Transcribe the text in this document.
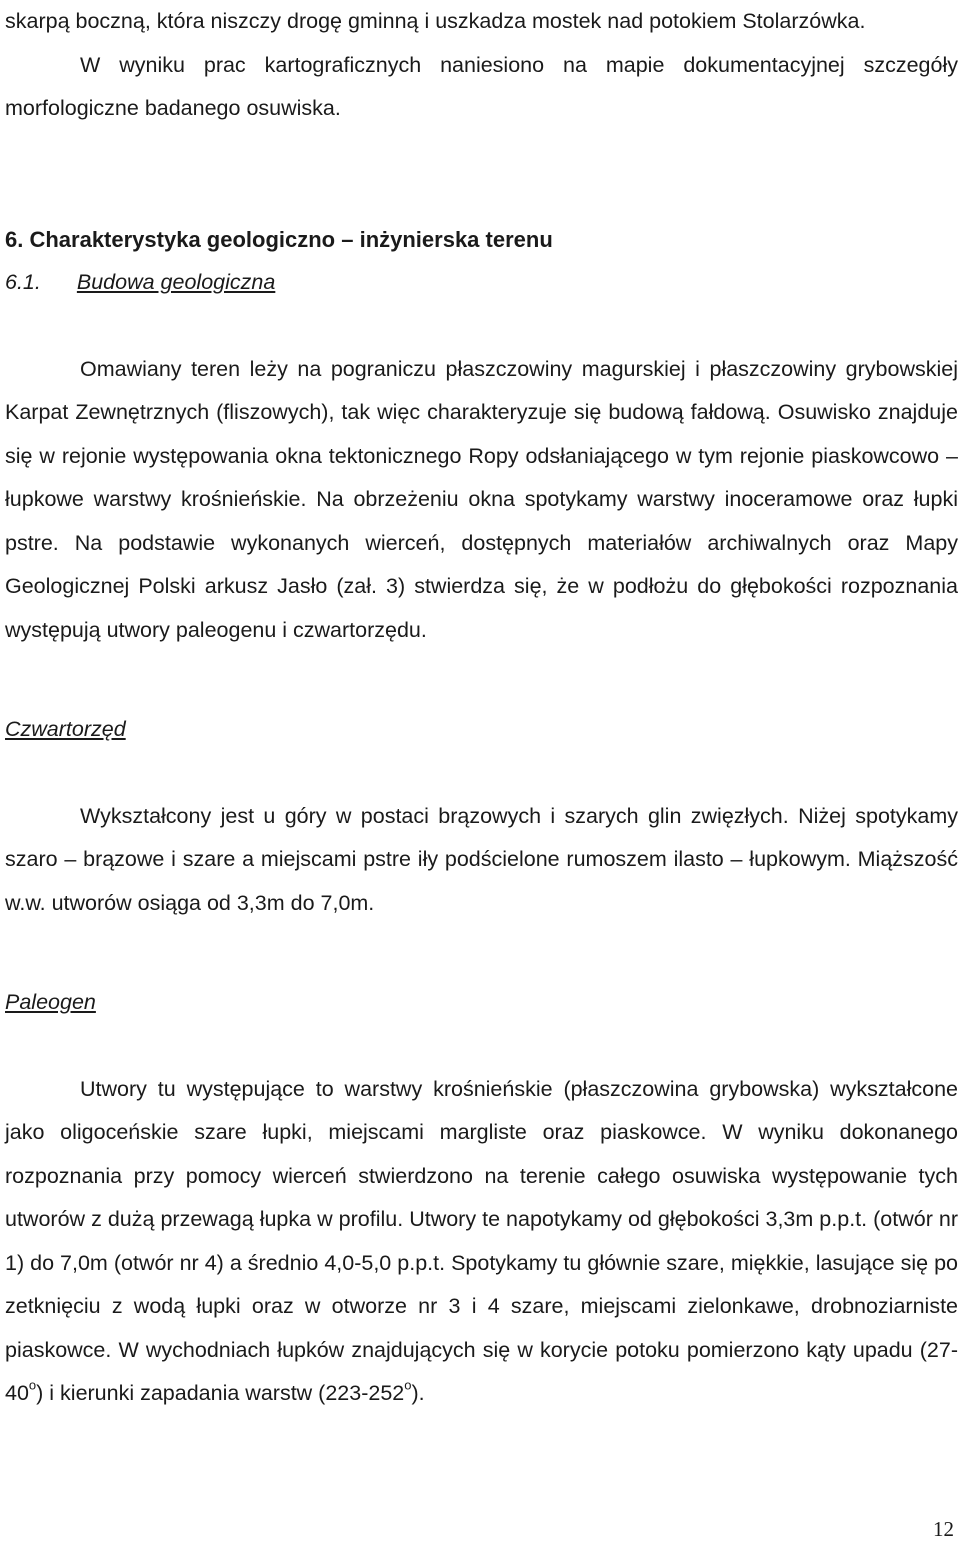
skarpą boczną, która niszczy drogę gminną i uszkadza mostek nad potokiem Stolarzówka.

W wyniku prac kartograficznych naniesiono na mapie dokumentacyjnej szczegóły morfologiczne badanego osuwiska.

6. Charakterystyka geologiczno – inżynierska terenu
6.1. Budowa geologiczna

Omawiany teren leży na pograniczu płaszczowiny magurskiej i płaszczowiny grybowskiej Karpat Zewnętrznych (fliszowych), tak więc charakteryzuje się budową fałdową. Osuwisko znajduje się w rejonie występowania okna tektonicznego Ropy odsłaniającego w tym rejonie piaskowcowo – łupkowe warstwy krośnieńskie. Na obrzeżeniu okna spotykamy warstwy inoceramowe oraz łupki pstre. Na podstawie wykonanych wierceń, dostępnych materiałów archiwalnych oraz Mapy Geologicznej Polski arkusz Jasło (zał. 3) stwierdza się, że w podłożu do głębokości rozpoznania występują utwory paleogenu i czwartorzędu.

Czwartorzęd

Wykształcony jest u góry w postaci brązowych i szarych glin zwięzłych. Niżej spotykamy szaro – brązowe i szare a miejscami pstre iły podścielone rumoszem ilasto – łupkowym. Miąższość w.w. utworów osiąga od 3,3m do 7,0m.

Paleogen

Utwory tu występujące to warstwy krośnieńskie (płaszczowina grybowska) wykształcone jako oligoceńskie szare łupki, miejscami margliste oraz piaskowce. W wyniku dokonanego rozpoznania przy pomocy wierceń stwierdzono na terenie całego osuwiska występowanie tych utworów z dużą przewagą łupka w profilu. Utwory te napotykamy od głębokości 3,3m p.p.t. (otwór nr 1) do 7,0m (otwór nr 4) a średnio 4,0-5,0 p.p.t. Spotykamy tu głównie szare, miękkie, lasujące się po zetknięciu z wodą łupki oraz w otworze nr 3 i 4 szare, miejscami zielonkawe, drobnoziarniste piaskowce. W wychodniach łupków znajdujących się w korycie potoku pomierzono kąty upadu (27-40$^o$) i kierunki zapadania warstw (223-252$^o$).

12
